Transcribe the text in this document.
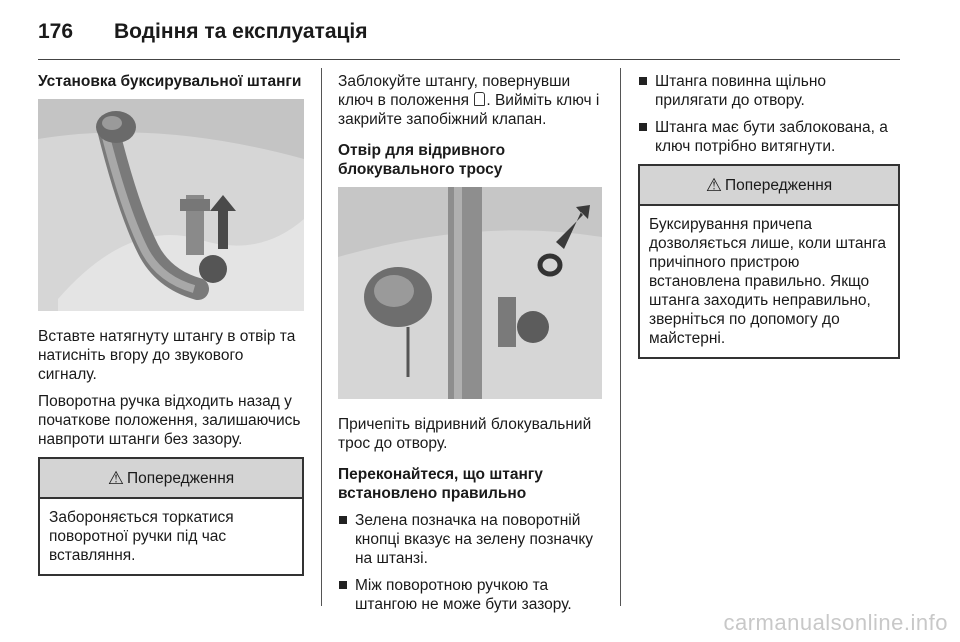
176	Водіння та експлуатація
Установка буксирувальної штанги

Вставте натягнуту штангу в отвір та натисніть вгору до звукового сигналу.

Поворотна ручка відходить назад у початкове положення, залишаючись навпроти штанги без зазору.

⚠ Попередження
Забороняється торкатися поворотної ручки під час вставляння.

Заблокуйте штангу, повернувши ключ в положення . Вийміть ключ і закрийте запобіжний клапан.

Отвір для відривного блокувального тросу

Причепіть відривний блокувальний трос до отвору.

Переконайтеся, що штангу встановлено правильно
Зелена позначка на поворотній кнопці вказує на зелену позначку на штанзі.
Між поворотною ручкою та штангою не може бути зазору.
Штанга повинна щільно прилягати до отвору.
Штанга має бути заблокована, а ключ потрібно витягнути.
⚠ Попередження
Буксирування причепа дозволяється лише, коли штанга причіпного пристрою встановлена правильно. Якщо штанга заходить неправильно, зверніться по допомогу до майстерні.
carmanualsonline.info
